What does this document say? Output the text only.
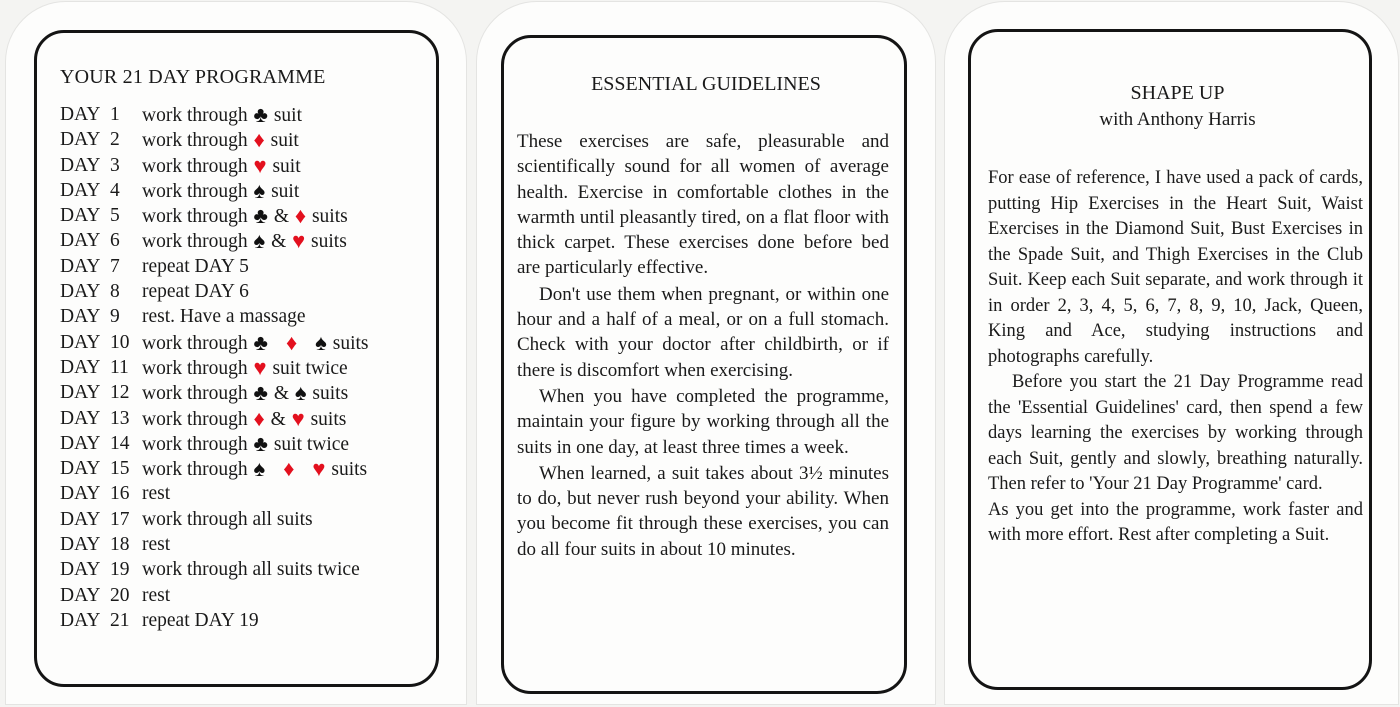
YOUR 21 DAY PROGRAMME
DAY 1 work through ♣ suit
DAY 2 work through ♦ suit
DAY 3 work through ♥ suit
DAY 4 work through ♠ suit
DAY 5 work through ♣ & ♦ suits
DAY 6 work through ♠ & ♥ suits
DAY 7 repeat DAY 5
DAY 8 repeat DAY 6
DAY 9 rest. Have a massage
DAY 10 work through ♣ ♦ ♠ suits
DAY 11 work through ♥ suit twice
DAY 12 work through ♣ & ♠ suits
DAY 13 work through ♦ & ♥ suits
DAY 14 work through ♣ suit twice
DAY 15 work through ♠ ♦ ♥ suits
DAY 16 rest
DAY 17 work through all suits
DAY 18 rest
DAY 19 work through all suits twice
DAY 20 rest
DAY 21 repeat DAY 19
ESSENTIAL GUIDELINES

These exercises are safe, pleasurable and scientifically sound for all women of average health. Exercise in comfortable clothes in the warmth until pleasantly tired, on a flat floor with thick carpet. These exercises done before bed are particularly effective.

Don't use them when pregnant, or within one hour and a half of a meal, or on a full stomach. Check with your doctor after childbirth, or if there is discomfort when exercising.

When you have completed the programme, maintain your figure by working through all the suits in one day, at least three times a week.

When learned, a suit takes about 3½ minutes to do, but never rush beyond your ability. When you become fit through these exercises, you can do all four suits in about 10 minutes.

SHAPE UP
with Anthony Harris

For ease of reference, I have used a pack of cards, putting Hip Exercises in the Heart Suit, Waist Exercises in the Diamond Suit, Bust Exercises in the Spade Suit, and Thigh Exercises in the Club Suit. Keep each Suit separate, and work through it in order 2, 3, 4, 5, 6, 7, 8, 9, 10, Jack, Queen, King and Ace, studying instructions and photographs carefully.

Before you start the 21 Day Programme read the 'Essential Guidelines' card, then spend a few days learning the exercises by working through each Suit, gently and slowly, breathing naturally. Then refer to 'Your 21 Day Programme' card.

As you get into the programme, work faster and with more effort. Rest after completing a Suit.
